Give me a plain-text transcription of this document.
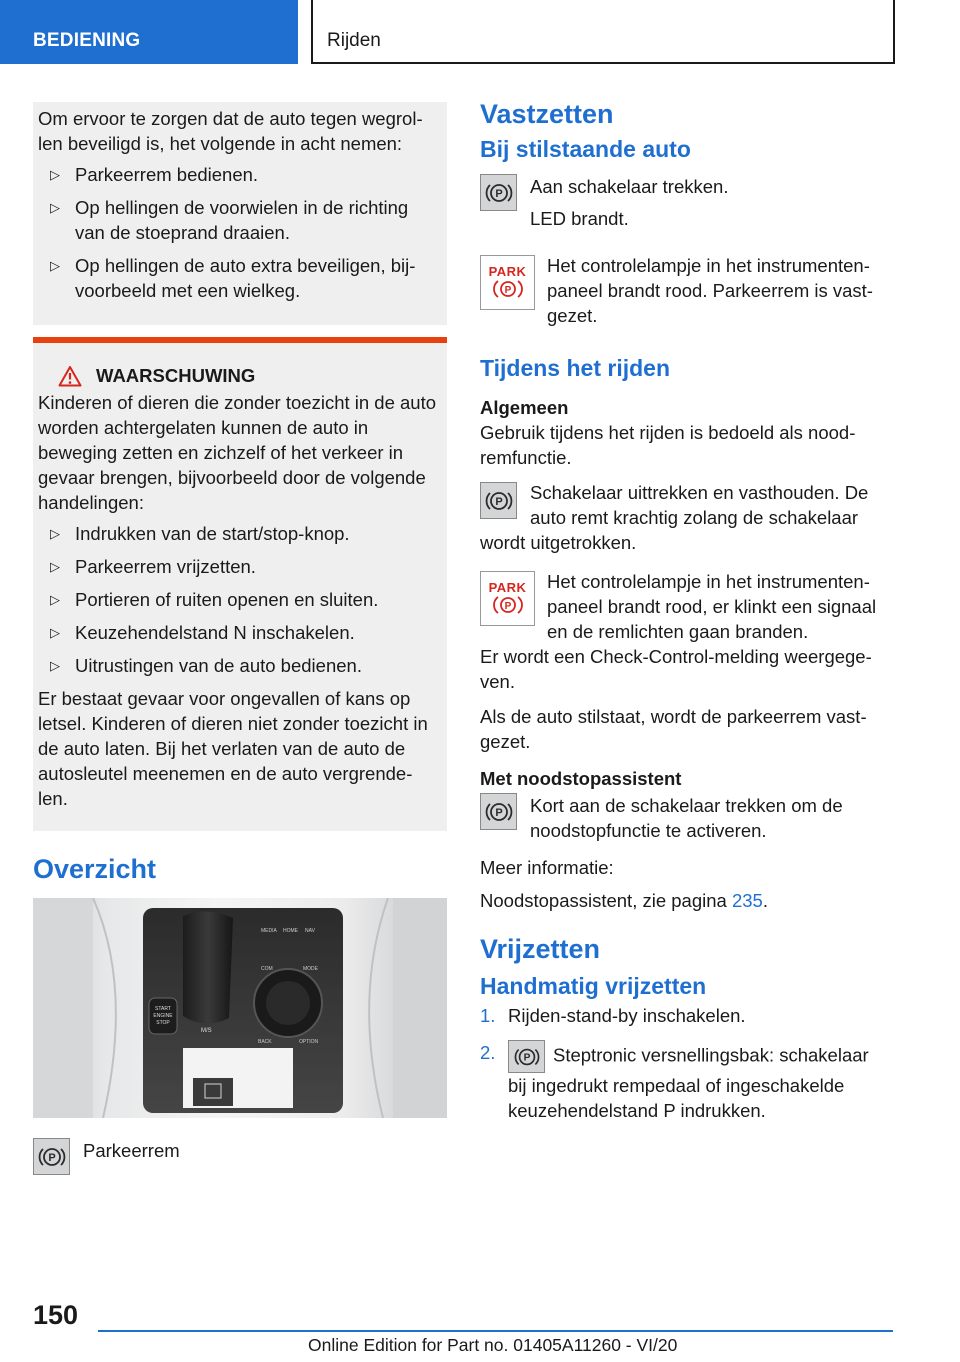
BEDIENING	Rijden

Om ervoor te zorgen dat de auto tegen wegrol-len beveiligd is, het volgende in acht nemen:

▷ Parkeerrem bedienen.
▷ Op hellingen de voorwielen in de richting van de stoeprand draaien.
▷ Op hellingen de auto extra beveiligen, bij-voorbeeld met een wielkeg.
WAARSCHUWING

Kinderen of dieren die zonder toezicht in de auto worden achtergelaten kunnen de auto in beweging zetten en zichzelf of het verkeer in gevaar brengen, bijvoorbeeld door de volgende handelingen:

▷ Indrukken van de start/stop-knop.
▷ Parkeerrem vrijzetten.
▷ Portieren of ruiten openen en sluiten.
▷ Keuzehendelstand N inschakelen.
▷ Uitrustingen van de auto bedienen.

Er bestaat gevaar voor ongevallen of kans op letsel. Kinderen of dieren niet zonder toezicht in de auto laten. Bij het verlaten van de auto de autosleutel meenemen en de auto vergrende-len.

Overzicht
START
ENGINE
STOP
MEDIA HOME NAV
COM	MODE
BACK	OPTION
M/S
P Parkeerrem
Vastzetten
Bij stilstaande auto
P Aan schakelaar trekken.

LED brandt.

PARK
P
Het controlelampje in het instrumenten-paneel brandt rood. Parkeerrem is vast-gezet.
Tijdens het rijden
Algemeen

Gebruik tijdens het rijden is bedoeld als nood-remfunctie.

P	Schakelaar uittrekken en vasthouden. De auto remt krachtig zolang de schakelaar wordt uitgetrokken.

PARK
P
Het controlelampje in het instrumenten-paneel brandt rood, er klinkt een signaal en de remlichten gaan branden.

Er wordt een Check-Control-melding weergege-ven.

Als de auto stilstaat, wordt de parkeerrem vast-gezet.

Met noodstopassistent
P Kort aan de schakelaar trekken om de noodstopfunctie te activeren.

Meer informatie:

Noodstopassistent, zie pagina 235.

Vrijzetten
Handmatig vrijzetten
1. Rijden-stand-by inschakelen.
2.	P Steptronic versnellingsbak: schakelaar bij ingedrukt rempedaal of ingeschakelde keuzehendelstand P indrukken.
150
Online Edition for Part no. 01405A11260 - VI/20
